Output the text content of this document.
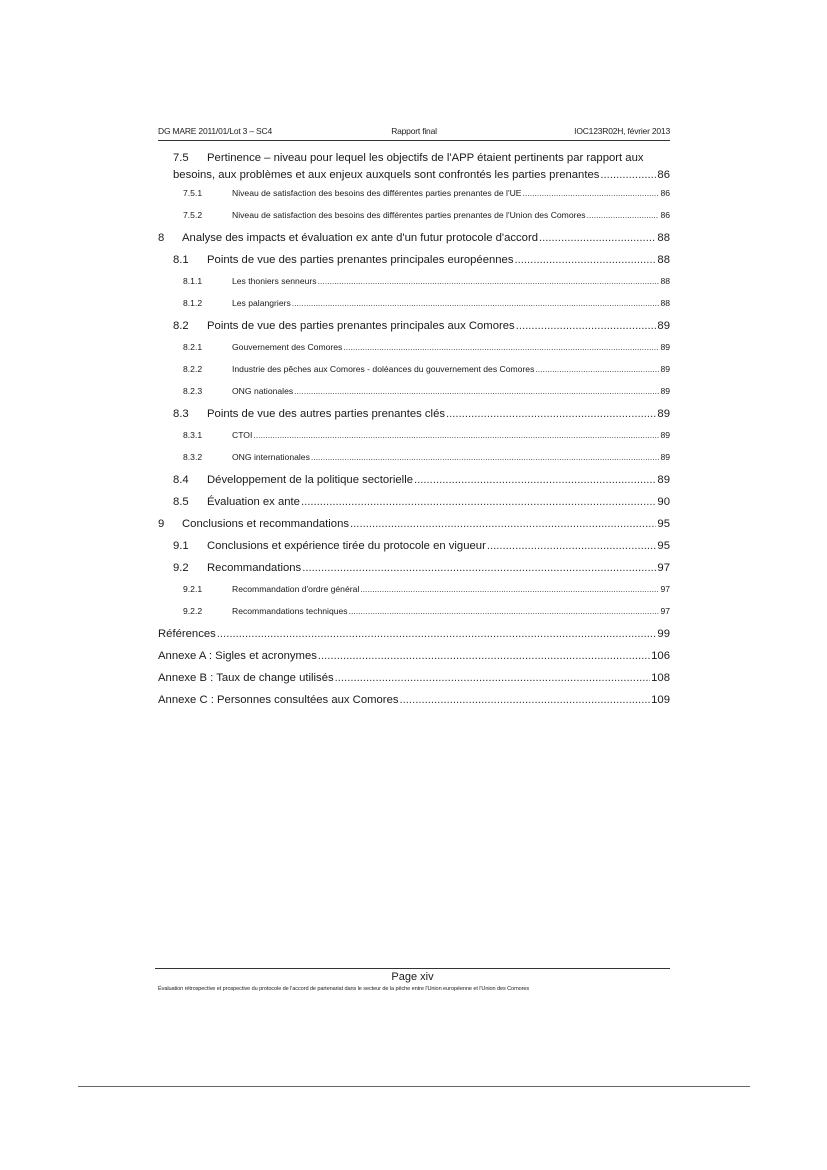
DG MARE 2011/01/Lot 3 – SC4	Rapport final	IOC123R02H, février 2013
7.5 Pertinence – niveau pour lequel les objectifs de l'APP étaient pertinents par rapport aux
besoins, aux problèmes et aux enjeux auxquels sont confrontés les parties prenantes .....	86
7.5.1	Niveau de satisfaction des besoins des différentes parties prenantes de l'UE .....	86
7.5.2	Niveau de satisfaction des besoins des différentes parties prenantes de l'Union des Comores .....	86
8	Analyse des impacts et évaluation ex ante d'un futur protocole d'accord .....	88
8.1	Points de vue des parties prenantes principales européennes .....	88
8.1.1	Les thoniers senneurs .....	88
8.1.2	Les palangriers .....	88
8.2	Points de vue des parties prenantes principales aux Comores .....	89
8.2.1	Gouvernement des Comores .....	89
8.2.2	Industrie des pêches aux Comores - doléances du gouvernement des Comores .....	89
8.2.3	ONG nationales .....	89
8.3	Points de vue des autres parties prenantes clés .....	89
8.3.1	CTOI .....	89
8.3.2	ONG internationales .....	89
8.4	Développement de la politique sectorielle .....	89
8.5	Évaluation ex ante .....	90
9	Conclusions et recommandations .....	95
9.1	Conclusions et expérience tirée du protocole en vigueur .....	95
9.2	Recommandations .....	97
9.2.1	Recommandation d'ordre général .....	97
9.2.2	Recommandations techniques .....	97
Références .....	99
Annexe A : Sigles et acronymes .....	106
Annexe B : Taux de change utilisés .....	108
Annexe C : Personnes consultées aux Comores .....	109
Page xiv
Évaluation rétrospective et prospective du protocole de l'accord de partenariat dans le secteur de la pêche entre l'Union européenne et l'Union des Comores
